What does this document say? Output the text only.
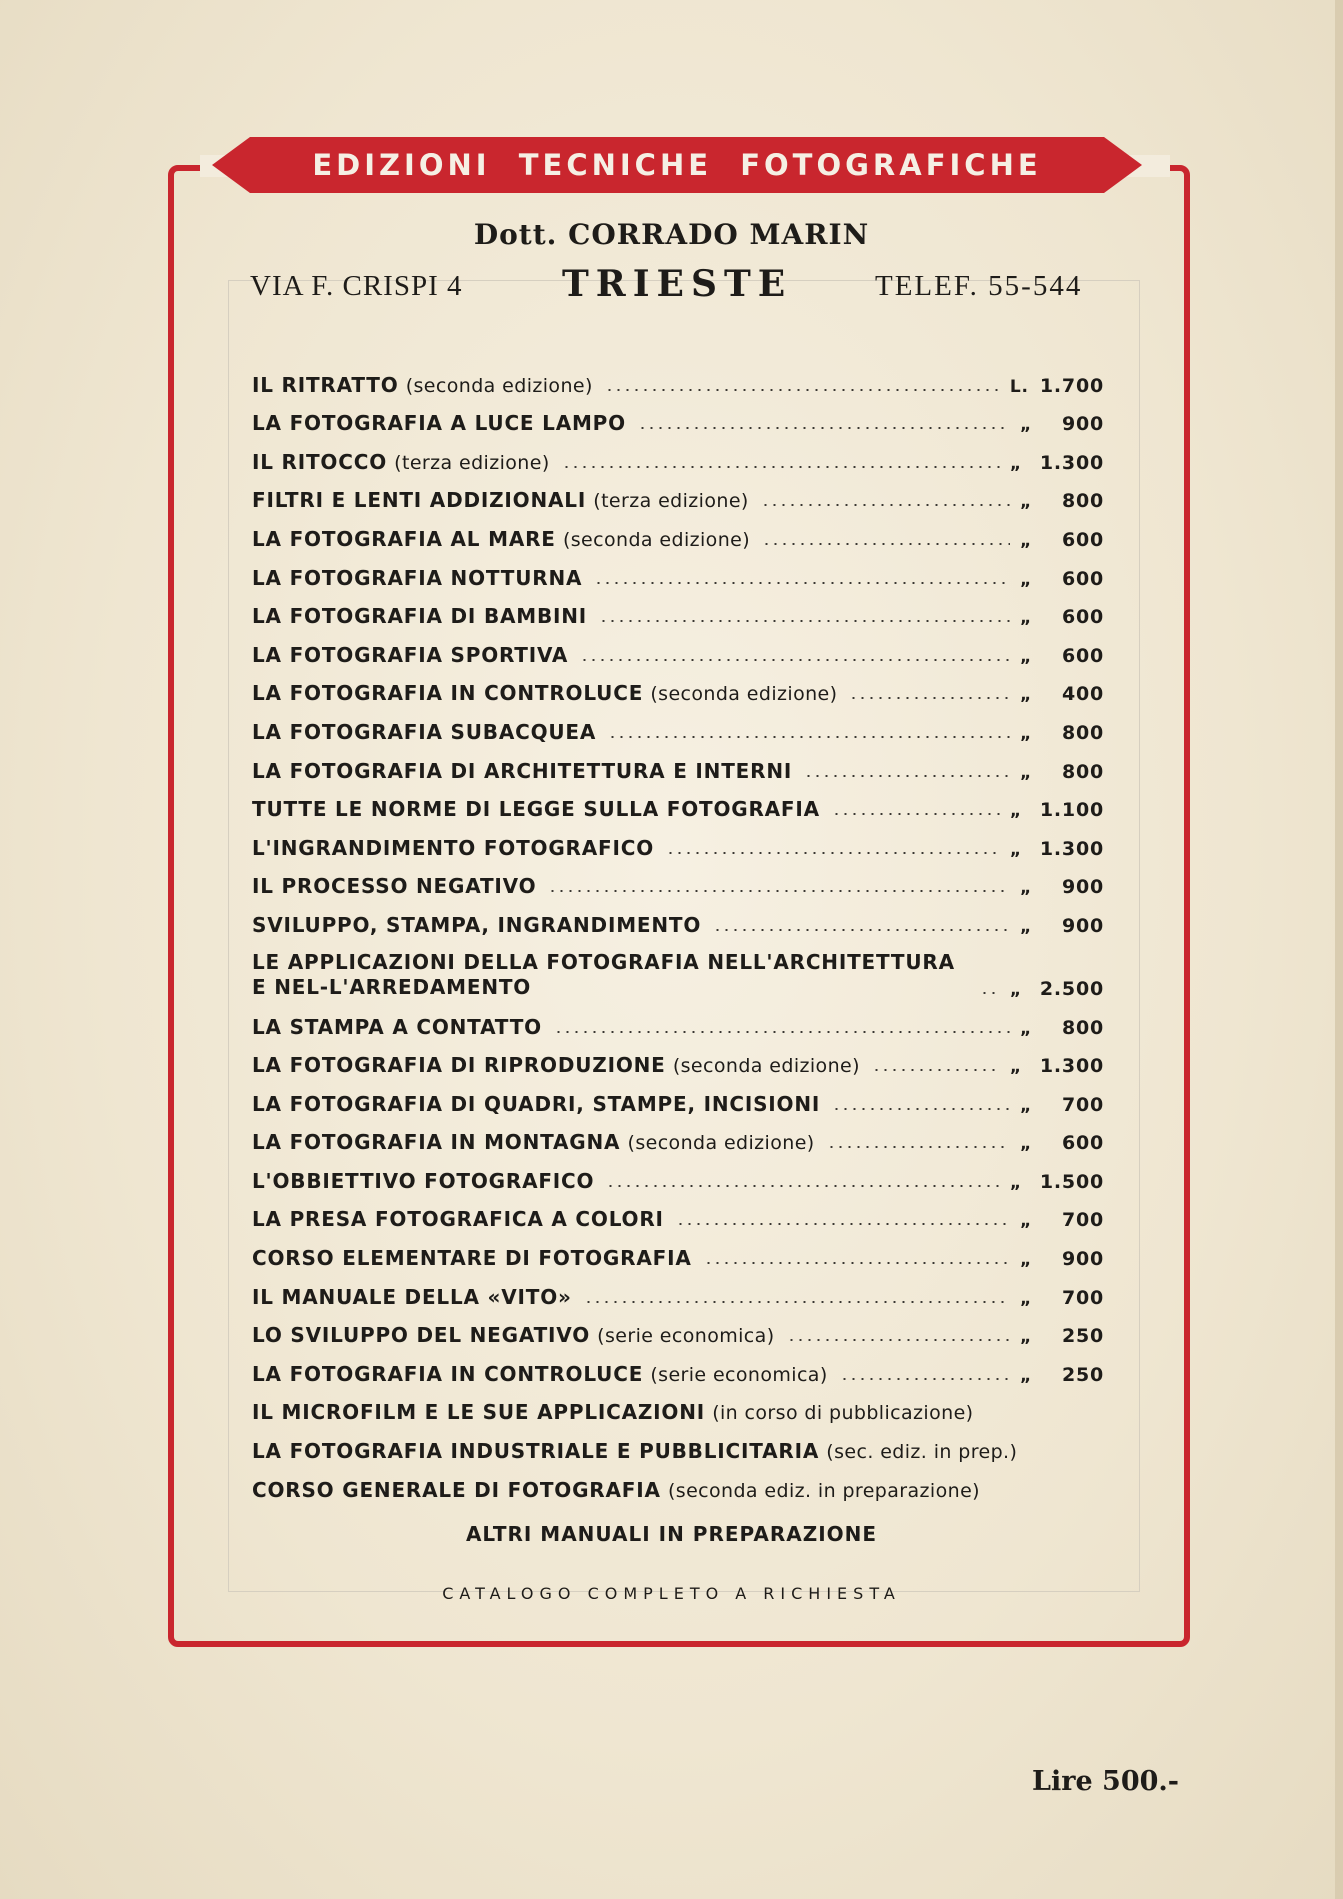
EDIZIONI  TECNICHE  FOTOGRAFICHE
Dott. CORRADO MARIN
VIA F. CRISPI 4	TRIESTE	TELEF. 55-544
IL RITRATTO (seconda edizione)	L. 1.700
LA FOTOGRAFIA A LUCE LAMPO	„	900
IL RITOCCO (terza edizione)	„ 1.300
FILTRI E LENTI ADDIZIONALI (terza edizione)	„	800
LA FOTOGRAFIA AL MARE (seconda edizione)	„	600
LA FOTOGRAFIA NOTTURNA	„	600
LA FOTOGRAFIA DI BAMBINI	„	600
LA FOTOGRAFIA SPORTIVA	„	600
LA FOTOGRAFIA IN CONTROLUCE (seconda edizione)	„	400
LA FOTOGRAFIA SUBACQUEA	„	800
LA FOTOGRAFIA DI ARCHITETTURA E INTERNI	„	800
TUTTE LE NORME DI LEGGE SULLA FOTOGRAFIA	„ 1.100
L'INGRANDIMENTO FOTOGRAFICO	„ 1.300
IL PROCESSO NEGATIVO	„	900
SVILUPPO, STAMPA, INGRANDIMENTO	„	900
LE APPLICAZIONI DELLA FOTOGRAFIA NELL'ARCHITETTURA E NEL-L'ARREDAMENTO	„ 2.500
LA STAMPA A CONTATTO	„	800
LA FOTOGRAFIA DI RIPRODUZIONE (seconda edizione)	„ 1.300
LA FOTOGRAFIA DI QUADRI, STAMPE, INCISIONI	„	700
LA FOTOGRAFIA IN MONTAGNA (seconda edizione)	„	600
L'OBBIETTIVO FOTOGRAFICO	„ 1.500
LA PRESA FOTOGRAFICA A COLORI	„	700
CORSO ELEMENTARE DI FOTOGRAFIA	„	900
IL MANUALE DELLA «VITO»	„	700
LO SVILUPPO DEL NEGATIVO (serie economica)	„	250
LA FOTOGRAFIA IN CONTROLUCE (serie economica)	„	250
IL MICROFILM E LE SUE APPLICAZIONI (in corso di pubblicazione)
LA FOTOGRAFIA INDUSTRIALE E PUBBLICITARIA (sec. ediz. in prep.)
CORSO GENERALE DI FOTOGRAFIA (seconda ediz. in preparazione)
ALTRI MANUALI IN PREPARAZIONE
CATALOGO COMPLETO A RICHIESTA
Lire 500.-
